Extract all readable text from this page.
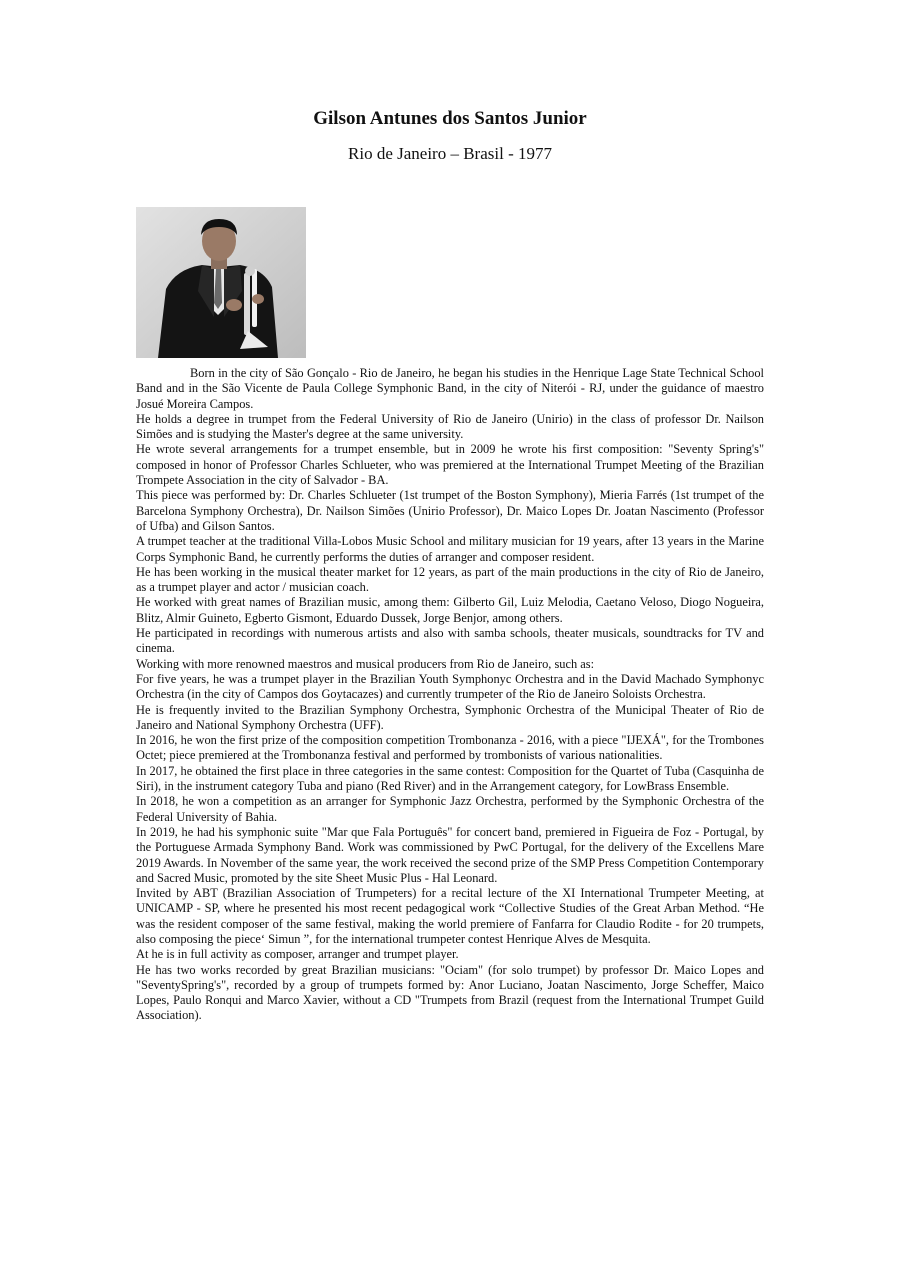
Gilson Antunes dos Santos Junior
Rio de Janeiro – Brasil - 1977

Born in the city of São Gonçalo - Rio de Janeiro, he began his studies in the Henrique Lage State Technical School Band and in the São Vicente de Paula College Symphonic Band, in the city of Niterói - RJ, under the guidance of maestro Josué Moreira Campos.

He holds a degree in trumpet from the Federal University of Rio de Janeiro (Unirio) in the class of professor Dr. Nailson Simões and is studying the Master's degree at the same university.

He wrote several arrangements for a trumpet ensemble, but in 2009 he wrote his first composition: "Seventy Spring's" composed in honor of Professor Charles Schlueter, who was premiered at the International Trumpet Meeting of the Brazilian Trompete Association in the city of Salvador - BA.

This piece was performed by: Dr. Charles Schlueter (1st trumpet of the Boston Symphony), Mieria Farrés (1st trumpet of the Barcelona Symphony Orchestra), Dr. Nailson Simões (Unirio Professor), Dr. Maico Lopes Dr. Joatan Nascimento (Professor of Ufba) and Gilson Santos.

A trumpet teacher at the traditional Villa-Lobos Music School and military musician for 19 years, after 13 years in the Marine Corps Symphonic Band, he currently performs the duties of arranger and composer resident.

He has been working in the musical theater market for 12 years, as part of the main productions in the city of Rio de Janeiro, as a trumpet player and actor / musician coach.

He worked with great names of Brazilian music, among them: Gilberto Gil, Luiz Melodia, Caetano Veloso, Diogo Nogueira, Blitz, Almir Guineto, Egberto Gismont, Eduardo Dussek, Jorge Benjor, among others.

He participated in recordings with numerous artists and also with samba schools, theater musicals, soundtracks for TV and cinema.

Working with more renowned maestros and musical producers from Rio de Janeiro, such as:

For five years, he was a trumpet player in the Brazilian Youth Symphonyc Orchestra and in the David Machado Symphonyc Orchestra (in the city of Campos dos Goytacazes) and currently trumpeter of the Rio de Janeiro Soloists Orchestra.

He is frequently invited to the Brazilian Symphony Orchestra, Symphonic Orchestra of the Municipal Theater of Rio de Janeiro and National Symphony Orchestra (UFF).

In 2016, he won the first prize of the composition competition Trombonanza - 2016, with a piece "IJEXÁ", for the Trombones Octet; piece premiered at the Trombonanza festival and performed by trombonists of various nationalities.

In 2017, he obtained the first place in three categories in the same contest: Composition for the Quartet of Tuba (Casquinha de Siri), in the instrument category Tuba and piano (Red River) and in the Arrangement category, for LowBrass Ensemble.

In 2018, he won a competition as an arranger for Symphonic Jazz Orchestra, performed by the Symphonic Orchestra of the Federal University of Bahia.

In 2019, he had his symphonic suite "Mar que Fala Português" for concert band, premiered in Figueira de Foz - Portugal, by the Portuguese Armada Symphony Band. Work was commissioned by PwC Portugal, for the delivery of the Excellens Mare 2019 Awards. In November of the same year, the work received the second prize of the SMP Press Competition Contemporary and Sacred Music, promoted by the site Sheet Music Plus - Hal Leonard.

Invited by ABT (Brazilian Association of Trumpeters) for a recital lecture of the XI International Trumpeter Meeting, at UNICAMP - SP, where he presented his most recent pedagogical work “Collective Studies of the Great Arban Method. “He was the resident composer of the same festival, making the world premiere of Fanfarra for Claudio Rodite - for 20 trumpets, also composing the piece‘ Simun ”, for the international trumpeter contest Henrique Alves de Mesquita.

At he is in full activity as composer, arranger and trumpet player.

He has two works recorded by great Brazilian musicians: "Ociam" (for solo trumpet) by professor Dr. Maico Lopes and "SeventySpring's", recorded by a group of trumpets formed by: Anor Luciano, Joatan Nascimento, Jorge Scheffer, Maico Lopes, Paulo Ronqui and Marco Xavier, without a CD "Trumpets from Brazil (request from the International Trumpet Guild Association).
